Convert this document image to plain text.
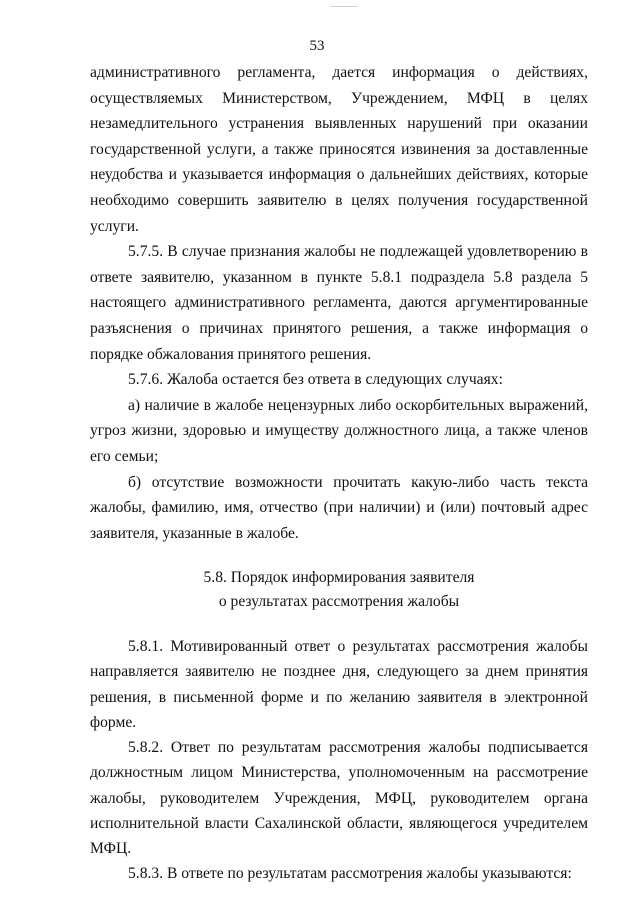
53

административного регламента, дается информация о действиях, осуществляемых Министерством, Учреждением, МФЦ в целях незамедлительного устранения выявленных нарушений при оказании государственной услуги, а также приносятся извинения за доставленные неудобства и указывается информация о дальнейших действиях, которые необходимо совершить заявителю в целях получения государственной услуги.

5.7.5. В случае признания жалобы не подлежащей удовлетворению в ответе заявителю, указанном в пункте 5.8.1 подраздела 5.8 раздела 5 настоящего административного регламента, даются аргументированные разъяснения о причинах принятого решения, а также информация о порядке обжалования принятого решения.

5.7.6. Жалоба остается без ответа в следующих случаях:

а) наличие в жалобе нецензурных либо оскорбительных выражений, угроз жизни, здоровью и имуществу должностного лица, а также членов его семьи;

б) отсутствие возможности прочитать какую-либо часть текста жалобы, фамилию, имя, отчество (при наличии) и (или) почтовый адрес заявителя, указанные в жалобе.

5.8. Порядок информирования заявителя
о результатах рассмотрения жалобы

5.8.1. Мотивированный ответ о результатах рассмотрения жалобы направляется заявителю не позднее дня, следующего за днем принятия решения, в письменной форме и по желанию заявителя в электронной форме.

5.8.2. Ответ по результатам рассмотрения жалобы подписывается должностным лицом Министерства, уполномоченным на рассмотрение жалобы, руководителем Учреждения, МФЦ, руководителем органа исполнительной власти Сахалинской области, являющегося учредителем МФЦ.

5.8.3. В ответе по результатам рассмотрения жалобы указываются:
